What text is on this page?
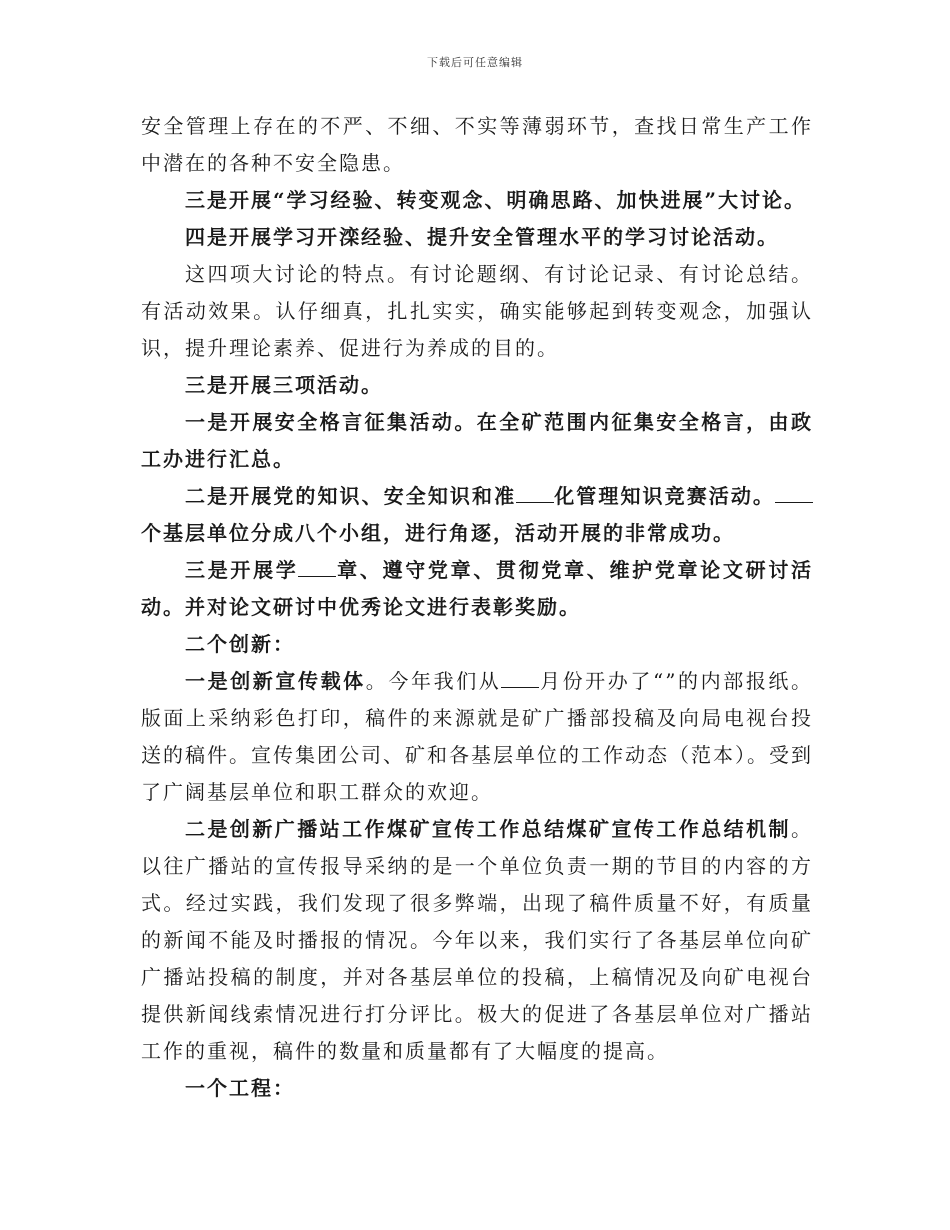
下载后可任意编辑

安全管理上存在的不严、不细、不实等薄弱环节，查找日常生产工作中潜在的各种不安全隐患。

三是开展“学习经验、转变观念、明确思路、加快进展”大讨论。

四是开展学习开滦经验、提升安全管理水平的学习讨论活动。

这四项大讨论的特点。有讨论题纲、有讨论记录、有讨论总结。有活动效果。认仔细真，扎扎实实，确实能够起到转变观念，加强认识，提升理论素养、促进行为养成的目的。

三是开展三项活动。

一是开展安全格言征集活动。在全矿范围内征集安全格言，由政工办进行汇总。

二是开展党的知识、安全知识和准 化管理知识竞赛活动。个基层单位分成八个小组，进行角逐，活动开展的非常成功。

三是开展学 章、遵守党章、贯彻党章、维护党章论文研讨活动。并对论文研讨中优秀论文进行表彰奖励。

二个创新：

一是创新宣传载体。今年我们从 月份开办了“”的内部报纸。版面上采纳彩色打印，稿件的来源就是矿广播部投稿及向局电视台投送的稿件。宣传集团公司、矿和各基层单位的工作动态（范本）。受到了广阔基层单位和职工群众的欢迎。

二是创新广播站工作煤矿宣传工作总结煤矿宣传工作总结机制。以往广播站的宣传报导采纳的是一个单位负责一期的节目的内容的方式。经过实践，我们发现了很多弊端，出现了稿件质量不好，有质量的新闻不能及时播报的情况。今年以来，我们实行了各基层单位向矿广播站投稿的制度，并对各基层单位的投稿，上稿情况及向矿电视台提供新闻线索情况进行打分评比。极大的促进了各基层单位对广播站工作的重视，稿件的数量和质量都有了大幅度的提高。

一个工程：
